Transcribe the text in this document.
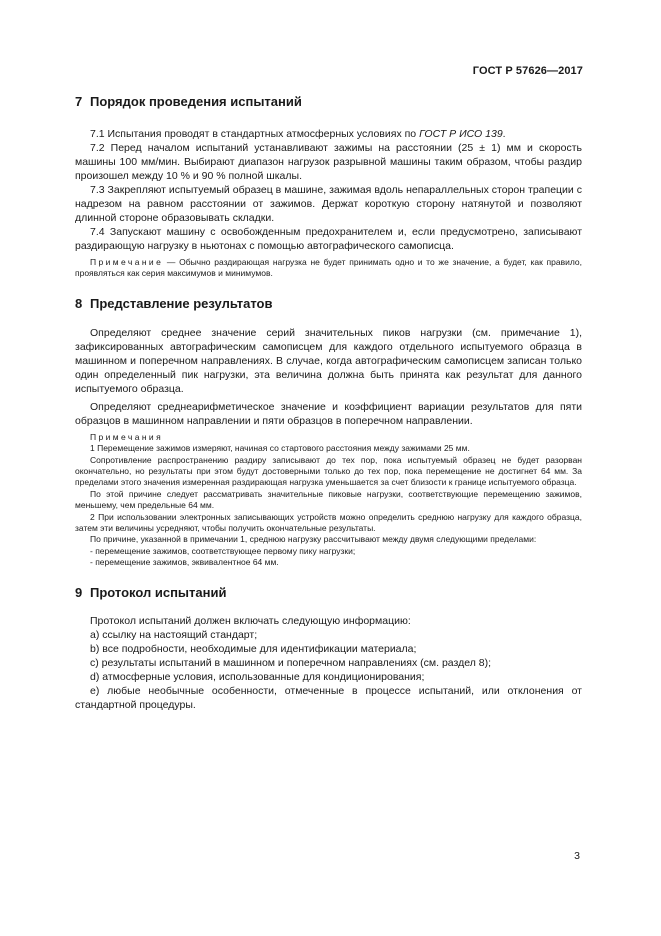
ГОСТ Р 57626—2017
7 Порядок проведения испытаний

7.1 Испытания проводят в стандартных атмосферных условиях по ГОСТ Р ИСО 139.

7.2 Перед началом испытаний устанавливают зажимы на расстоянии (25 ± 1) мм и скорость машины 100 мм/мин. Выбирают диапазон нагрузок разрывной машины таким образом, чтобы раздир произошел между 10 % и 90 % полной шкалы.

7.3 Закрепляют испытуемый образец в машине, зажимая вдоль непараллельных сторон трапеции с надрезом на равном расстоянии от зажимов. Держат короткую сторону натянутой и позволяют длинной стороне образовывать складки.

7.4 Запускают машину с освобожденным предохранителем и, если предусмотрено, записывают раздирающую нагрузку в ньютонах с помощью автографического самописца.

Примечание — Обычно раздирающая нагрузка не будет принимать одно и то же значение, а будет, как правило, проявляться как серия максимумов и минимумов.

8 Представление результатов

Определяют среднее значение серий значительных пиков нагрузки (см. примечание 1), зафиксированных автографическим самописцем для каждого отдельного испытуемого образца в машинном и поперечном направлениях. В случае, когда автографическим самописцем записан только один определенный пик нагрузки, эта величина должна быть принята как результат для данного испытуемого образца.

Определяют среднеарифметическое значение и коэффициент вариации результатов для пяти образцов в машинном направлении и пяти образцов в поперечном направлении.

Примечания

1 Перемещение зажимов измеряют, начиная со стартового расстояния между зажимами 25 мм.

Сопротивление распространению раздиру записывают до тех пор, пока испытуемый образец не будет разорван окончательно, но результаты при этом будут достоверными только до тех пор, пока перемещение не достигнет 64 мм. За пределами этого значения измеренная раздирающая нагрузка уменьшается за счет близости к границе испытуемого образца.

По этой причине следует рассматривать значительные пиковые нагрузки, соответствующие перемещению зажимов, меньшему, чем предельные 64 мм.

2 При использовании электронных записывающих устройств можно определить среднюю нагрузку для каждого образца, затем эти величины усредняют, чтобы получить окончательные результаты.

По причине, указанной в примечании 1, среднюю нагрузку рассчитывают между двумя следующими пределами:

- перемещение зажимов, соответствующее первому пику нагрузки;

- перемещение зажимов, эквивалентное 64 мм.

9 Протокол испытаний

Протокол испытаний должен включать следующую информацию:

a) ссылку на настоящий стандарт;

b) все подробности, необходимые для идентификации материала;

c) результаты испытаний в машинном и поперечном направлениях (см. раздел 8);

d) атмосферные условия, использованные для кондиционирования;

e) любые необычные особенности, отмеченные в процессе испытаний, или отклонения от стандартной процедуры.

3
